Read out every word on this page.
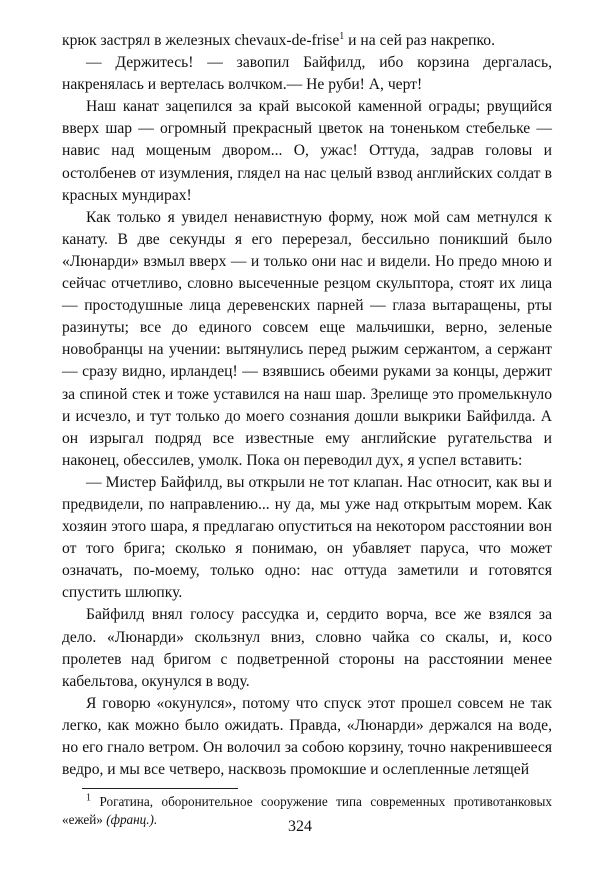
крюк застрял в железных chevaux-de-frise$^1$ и на сей раз накрепко.

— Держитесь! — завопил Байфилд, ибо корзина дергалась, накренялась и вертелась волчком.— Не руби! А, черт!

Наш канат зацепился за край высокой каменной ограды; рвущийся вверх шар — огромный прекрасный цветок на тоненьком стебельке — навис над мощеным двором... О, ужас! Оттуда, задрав головы и остолбенев от изумления, глядел на нас целый взвод английских солдат в красных мундирах!

Как только я увидел ненавистную форму, нож мой сам метнулся к канату. В две секунды я его перерезал, бессильно поникший было «Люнарди» взмыл вверх — и только они нас и видели. Но предо мною и сейчас отчетливо, словно высеченные резцом скульптора, стоят их лица — простодушные лица деревенских парней — глаза вытаращены, рты разинуты; все до единого совсем еще мальчишки, верно, зеленые новобранцы на учении: вытянулись перед рыжим сержантом, а сержант — сразу видно, ирландец! — взявшись обеими руками за концы, держит за спиной стек и тоже уставился на наш шар. Зрелище это промелькнуло и исчезло, и тут только до моего сознания дошли выкрики Байфилда. А он изрыгал подряд все известные ему английские ругательства и наконец, обессилев, умолк. Пока он переводил дух, я успел вставить:

— Мистер Байфилд, вы открыли не тот клапан. Нас относит, как вы и предвидели, по направлению... ну да, мы уже над открытым морем. Как хозяин этого шара, я предлагаю опуститься на некотором расстоянии вон от того брига; сколько я понимаю, он убавляет паруса, что может означать, по-моему, только одно: нас оттуда заметили и готовятся спустить шлюпку.

Байфилд внял голосу рассудка и, сердито ворча, все же взялся за дело. «Люнарди» скользнул вниз, словно чайка со скалы, и, косо пролетев над бригом с подветренной стороны на расстоянии менее кабельтова, окунулся в воду.

Я говорю «окунулся», потому что спуск этот прошел совсем не так легко, как можно было ожидать. Правда, «Люнарди» держался на воде, но его гнало ветром. Он волочил за собою корзину, точно накренившееся ведро, и мы все четверо, насквозь промокшие и ослепленные летящей

$^1$ Рогатина, оборонительное сооружение типа современных противотанковых «ежей» (франц.).	324
